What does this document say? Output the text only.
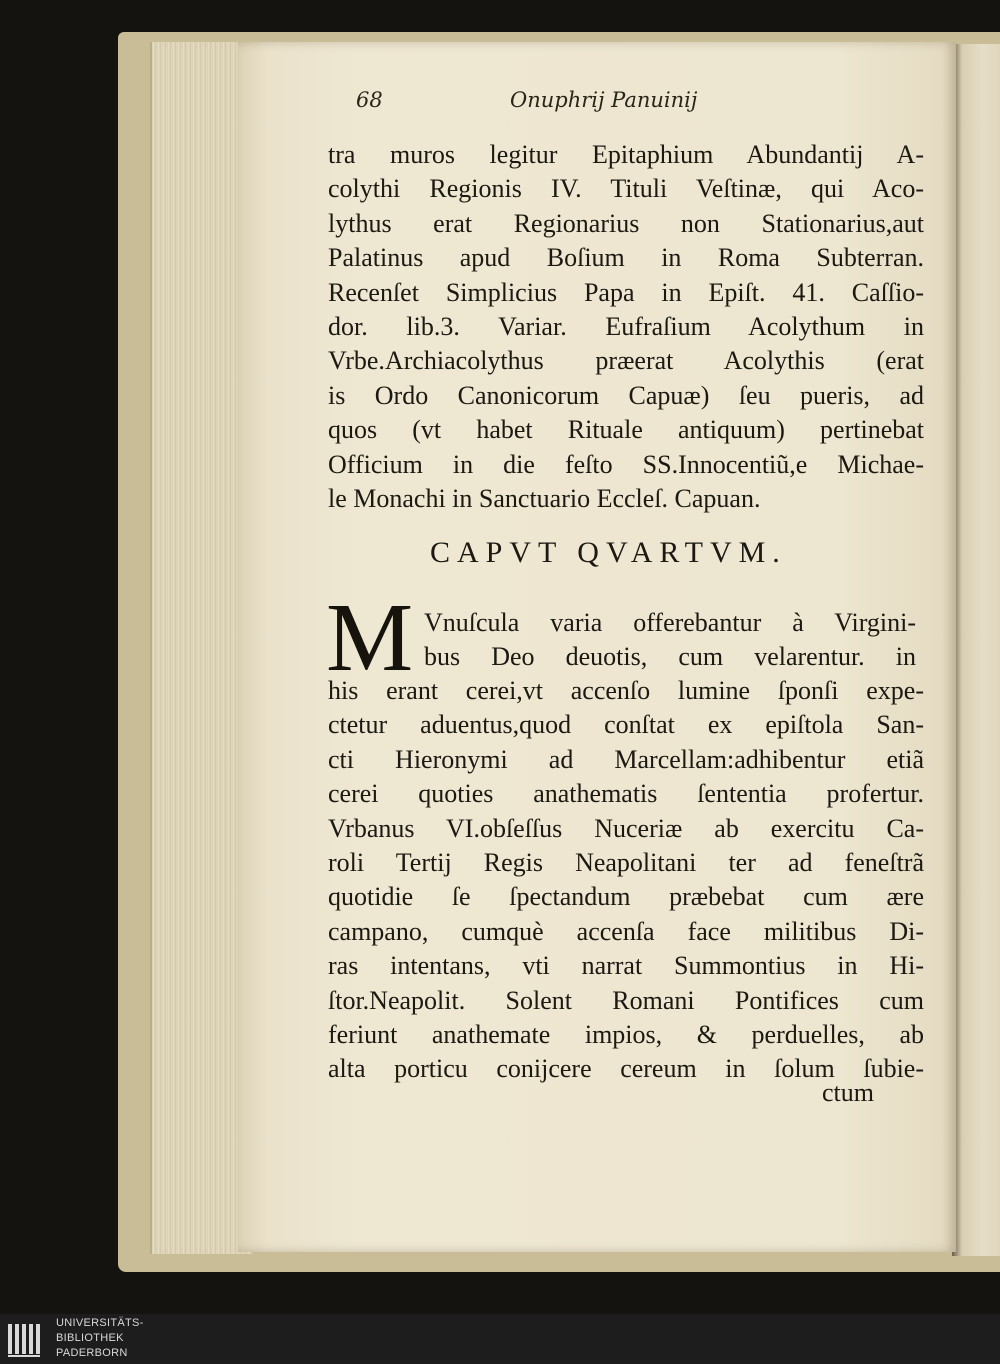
68	Onuphrij Panuinij
tra muros legitur Epitaphium Abundantij A-
colythi Regionis IV. Tituli Veſtinæ, qui Aco-
lythus erat Regionarius non Stationarius,aut
Palatinus apud Boſium in Roma Subterran.
Recenſet Simplicius Papa in Epiſt. 41. Caſſio-
dor. lib.3. Variar. Eufraſium Acolythum in
Vrbe.Archiacolythus præerat Acolythis (erat
is Ordo Canonicorum Capuæ) ſeu pueris, ad
quos (vt habet Rituale antiquum) pertinebat
Officium in die feſto SS.Innocentiũ,e Michae-
le Monachi in Sanctuario Eccleſ. Capuan.
CAPVT QVARTVM.
M Vnuſcula varia offerebantur à Virgini-
bus Deo deuotis, cum velarentur. in
his erant cerei,vt accenſo lumine ſponſi expe-
ctetur aduentus,quod conſtat ex epiſtola San-
cti Hieronymi ad Marcellam:adhibentur etiã
cerei quoties anathematis ſententia profertur.
Vrbanus VI.obſeſſus Nuceriæ ab exercitu Ca-
roli Tertij Regis Neapolitani ter ad feneſtrã
quotidie ſe ſpectandum præbebat cum ære
campano, cumquè accenſa face militibus Di-
ras intentans, vti narrat Summontius in Hi-
ſtor.Neapolit. Solent Romani Pontifices cum
feriunt anathemate impios, & perduelles, ab
alta porticu conijcere cereum in ſolum ſubie-
ctum
UNIVERSITÄTS-
BIBLIOTHEK
PADERBORN
